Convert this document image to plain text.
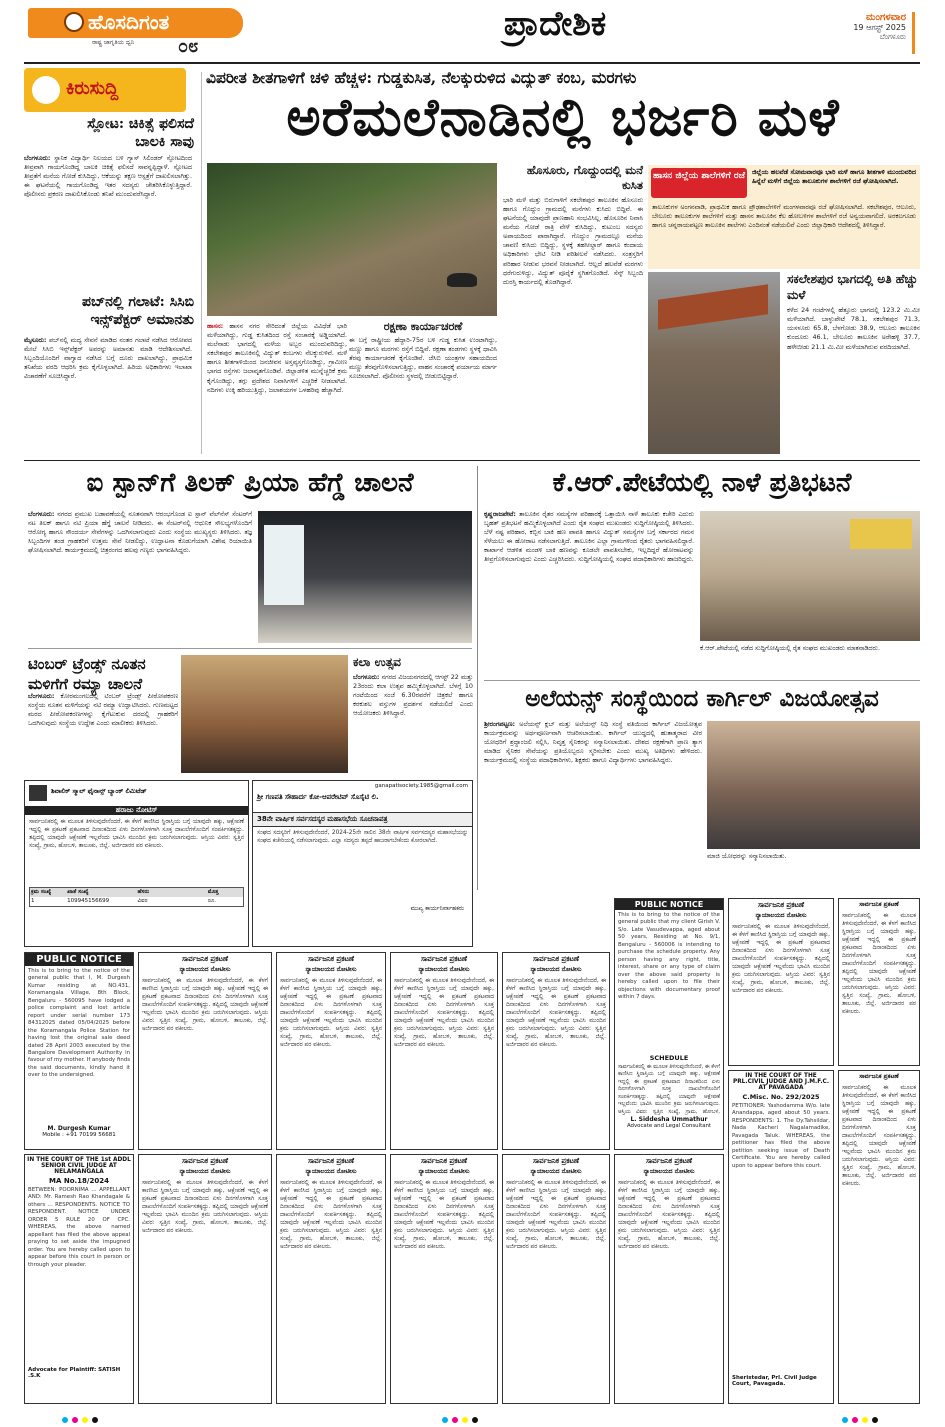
ಹೊಸದಿಗಂತ
ರಾಷ್ಟ್ರ ಜಾಗೃತಿಯ ದ್ವನಿ ೦೮
ಪ್ರಾದೇಶಿಕ	ಮಂಗಳವಾರ
19 ಆಗಸ್ಟ್ 2025
ಬೆಂಗಳೂರು
ಕಿರುಸುದ್ದಿ
ಸ್ಲೋಟ: ಚಿಕಿತ್ಸೆ ಫಲಿಸದೆ ಬಾಲಕಿ ಸಾವು
ಬೆಂಗಳೂರು: ಸ್ಥಾನಿಕ ವಿದ್ಯಾರ್ಥಿ ನಿಲಯದ ಬಳಿ ಗ್ಯಾಸ್ ಸಿಲಿಂಡರ್ ಸ್ಫೋಟದಿಂದ ತೀವ್ರವಾಗಿ ಗಾಯಗೊಂಡಿದ್ದ ಬಾಲಕಿ ಚಿಕಿತ್ಸೆ ಫಲಿಸದೆ ಸಾವನ್ನಪ್ಪಿದ್ದಾಳೆ. ಸ್ಪೋಟದ ತೀವ್ರತೆಗೆ ಮನೆಯ ಗೋಡೆ ಕುಸಿದಿದ್ದು, ಆಕೆಯನ್ನು ತಕ್ಷಣ ಆಸ್ಪತ್ರೆಗೆ ದಾಖಲಿಸಲಾಗಿತ್ತು. ಈ ಘಟನೆಯಲ್ಲಿ ಗಾಯಗೊಂಡಿದ್ದ ಇತರ ಸದಸ್ಯರು ಚೇತರಿಸಿಕೊಳ್ಳುತ್ತಿದ್ದಾರೆ. ಪೊಲೀಸರು ಪ್ರಕರಣ ದಾಖಲಿಸಿಕೊಂಡು ತನಿಖೆ ಮುಂದುವರೆಸಿದ್ದಾರೆ.
ಪಬ್‌ನಲ್ಲಿ ಗಲಾಟೆ: ಸಿಸಿಬಿ ಇನ್ಸ್‌ಪೆಕ್ಟರ್ ಅಮಾನತು
ಮೈಸೂರು: ಪಬ್‌ನಲ್ಲಿ ಮದ್ಯ ಸೇವನೆ ಮಾಡಿದ ನಂತರ ಗಲಾಟೆ ನಡೆಸಿದ ಆರೋಪದ ಮೇಲೆ ಸಿಸಿಬಿ ಇನ್ಸ್‌ಪೆಕ್ಟರ್ ಅವರನ್ನು ಅಮಾನತು ಮಾಡಿ ಆದೇಶಿಸಲಾಗಿದೆ. ಸಿಬ್ಬಂದಿಯೊಂದಿಗೆ ವಾಗ್ವಾದ ನಡೆಸಿದ ಬಗ್ಗೆ ದೂರು ದಾಖಲಾಗಿದ್ದು, ಪ್ರಾಥಮಿಕ ತನಿಖೆಯ ವರದಿ ಆಧರಿಸಿ ಕ್ರಮ ಕೈಗೊಳ್ಳಲಾಗಿದೆ. ಹಿರಿಯ ಅಧಿಕಾರಿಗಳು ಇಲಾಖಾ ವಿಚಾರಣೆಗೆ ಸೂಚಿಸಿದ್ದಾರೆ.
ವಿಪರೀತ ಶೀತಗಾಳಿಗೆ ಚಳಿ ಹೆಚ್ಚಳ: ಗುಡ್ಡಕುಸಿತ, ನೆಲಕ್ಕುರುಳಿದ ವಿದ್ಯುತ್ ಕಂಬ, ಮರಗಳು
ಅರೆಮಲೆನಾಡಿನಲ್ಲಿ ಭರ್ಜರಿ ಮಳೆ
ಹಾಸನ: ಹಾಸನ ನಗರ ಸೇರಿದಂತೆ ಜಿಲ್ಲೆಯ ವಿವಿಧೆಡೆ ಭಾರಿ ಮಳೆಯಾಗಿದ್ದು, ಗುಡ್ಡ ಕುಸಿತದಿಂದ ರಸ್ತೆ ಸಂಚಾರಕ್ಕೆ ಅಡ್ಡಿಯಾಗಿದೆ. ಮಲೆನಾಡು ಭಾಗದಲ್ಲಿ ಮಳೆಯ ಅಬ್ಬರ ಮುಂದುವರಿದಿದ್ದು, ಸಕಲೇಶಪುರ ತಾಲೂಕಿನಲ್ಲಿ ವಿದ್ಯುತ್ ಕಂಬಗಳು ನೆಲಕ್ಕುರುಳಿವೆ. ಮಳೆ ಹಾಗೂ ಶೀತಗಾಳಿಯಿಂದ ಜನಜೀವನ ಅಸ್ತವ್ಯಸ್ತಗೊಂಡಿದ್ದು, ಗ್ರಾಮೀಣ ಭಾಗದ ರಸ್ತೆಗಳು ಜಲಾವೃತಗೊಂಡಿವೆ. ಜಿಲ್ಲಾಡಳಿತ ಮುನ್ನೆಚ್ಚರಿಕೆ ಕ್ರಮ ಕೈಗೊಂಡಿದ್ದು, ತಗ್ಗು ಪ್ರದೇಶದ ನಿವಾಸಿಗಳಿಗೆ ಎಚ್ಚರಿಕೆ ನೀಡಲಾಗಿದೆ. ನದಿಗಳು ಉಕ್ಕಿ ಹರಿಯುತ್ತಿದ್ದು, ಜಲಾಶಯಗಳ ಒಳಹರಿವು ಹೆಚ್ಚಾಗಿದೆ.
ರಕ್ಷಣಾ ಕಾರ್ಯಾಚರಣೆ
ಈ ಬಗ್ಗೆ ರಾಷ್ಟ್ರೀಯ ಹೆದ್ದಾರಿ-75ರ ಬಳಿ ಗುಡ್ಡ ಕುಸಿತ ಉಂಟಾಗಿದ್ದು, ಮಣ್ಣು ಹಾಗೂ ಮರಗಳು ರಸ್ತೆಗೆ ಬಿದ್ದಿವೆ. ರಕ್ಷಣಾ ತಂಡಗಳು ಸ್ಥಳಕ್ಕೆ ಧಾವಿಸಿ ತೆರವು ಕಾರ್ಯಾಚರಣೆ ಕೈಗೊಂಡಿವೆ. ಜೆಸಿಬಿ ಯಂತ್ರಗಳ ಸಹಾಯದಿಂದ ಮಣ್ಣು ತೆರವುಗೊಳಿಸಲಾಗುತ್ತಿದ್ದು, ವಾಹನ ಸಂಚಾರಕ್ಕೆ ಪರ್ಯಾಯ ಮಾರ್ಗ ಸೂಚಿಸಲಾಗಿದೆ. ಪೊಲೀಸರು ಸ್ಥಳದಲ್ಲಿ ಬೀಡುಬಿಟ್ಟಿದ್ದಾರೆ.
ಹೊಸೂರು, ಗೊದ್ದುಂದಲ್ಲಿ ಮನೆ ಕುಸಿತ
ಭಾರಿ ಮಳೆ ಮತ್ತು ಬಿರುಗಾಳಿಗೆ ಸಕಲೇಶಪುರ ತಾಲೂಕಿನ ಹೊಸೂರು ಹಾಗೂ ಗೊದ್ದುಂ ಗ್ರಾಮದಲ್ಲಿ ಮನೆಗಳು ಕುಸಿದು ಬಿದ್ದಿವೆ. ಈ ಘಟನೆಯಲ್ಲಿ ಯಾವುದೇ ಪ್ರಾಣಹಾನಿ ಸಂಭವಿಸಿಲ್ಲ. ಹೊಸೂರಿನ ನಿವಾಸಿ ಮನೆಯ ಗೋಡೆ ರಾತ್ರಿ ವೇಳೆ ಕುಸಿದಿದ್ದು, ಕುಟುಂಬ ಸದಸ್ಯರು ಅಪಾಯದಿಂದ ಪಾರಾಗಿದ್ದಾರೆ. ಗೊದ್ದುಂ ಗ್ರಾಮದಲ್ಲೂ ಮನೆಯ ಚಾವಣಿ ಕುಸಿದು ಬಿದ್ದಿದ್ದು, ಸ್ಥಳಕ್ಕೆ ತಹಸೀಲ್ದಾರ್ ಹಾಗೂ ಕಂದಾಯ ಅಧಿಕಾರಿಗಳು ಭೇಟಿ ನೀಡಿ ಪರಿಶೀಲನೆ ನಡೆಸಿದರು. ಸಂತ್ರಸ್ತರಿಗೆ ಪರಿಹಾರ ನೀಡುವ ಭರವಸೆ ನೀಡಲಾಗಿದೆ. ಆಲ್ಲದೆ ಹಲವೆಡೆ ಮರಗಳು ಧರೆಗುರುಳಿದ್ದು, ವಿದ್ಯುತ್ ಪೂರೈಕೆ ಸ್ಥಗಿತಗೊಂಡಿದೆ. ಸೆಸ್ಕ್ ಸಿಬ್ಬಂದಿ ದುರಸ್ತಿ ಕಾರ್ಯದಲ್ಲಿ ತೊಡಗಿದ್ದಾರೆ.
ಹಾಸನ ಜಿಲ್ಲೆಯ ಶಾಲೆಗಳಿಗೆ ರಜೆ	ಜಿಲ್ಲೆಯ ಹಲವೆಡೆ ಸೋಮವಾರವೂ ಭಾರಿ ಮಳೆ ಹಾಗೂ ಶೀತಗಾಳಿ ಮುಂದುವರಿದ ಹಿನ್ನೆಲೆ ಮಳೆಗೆ ಜಿಲ್ಲೆಯ ತಾಲೂಕುಗಳ ಶಾಲೆಗಳಿಗೆ ರಜೆ ಘೋಷಿಸಲಾಗಿದೆ.
ತಾಲೂಕುಗಳ ಅಂಗನವಾಡಿ, ಪ್ರಾಥಮಿಕ ಹಾಗೂ ಪ್ರೌಢಶಾಲೆಗಳಿಗೆ ಮಂಗಳವಾರವೂ ರಜೆ ಘೋಷಿಸಲಾಗಿದೆ. ಸಕಲೇಶಪುರ, ಆಲೂರು, ಬೇಲೂರು ತಾಲೂಕುಗಳ ಶಾಲೆಗಳಿಗೆ ಮತ್ತು ಹಾಸನ ತಾಲೂಕಿನ ಕೆಲ ಹೋಬಳಿಗಳ ಶಾಲೆಗಳಿಗೆ ರಜೆ ಅನ್ವಯವಾಗಲಿದೆ. ಅರಕಲಗೂಡು ಹಾಗೂ ಚನ್ನರಾಯಪಟ್ಟಣ ತಾಲೂಕಿನ ಶಾಲೆಗಳು ಎಂದಿನಂತೆ ನಡೆಯಲಿವೆ ಎಂದು ಜಿಲ್ಲಾಧಿಕಾರಿ ಆದೇಶದಲ್ಲಿ ತಿಳಿಸಿದ್ದಾರೆ.
ಸಕಲೇಶಪುರ ಭಾಗದಲ್ಲಿ ಅತಿ ಹೆಚ್ಚು ಮಳೆ
ಕಳೆದ 24 ಗಂಟೆಗಳಲ್ಲಿ ಹೆತ್ತೂರು ಭಾಗದಲ್ಲಿ 123.2 ಮಿ.ಮೀ ಮಳೆಯಾಗಿದೆ. ಬಾಳ್ಳುಪೇಟೆ 78.1, ಸಕಲೇಶಪುರ 71.3, ಯಸಳೂರು 65.8, ಬೆಳಗೋಡು 38.9, ಆಲೂರು ತಾಲೂಕಿನ ಕುಂದೂರು 46.1, ಬೇಲೂರು ತಾಲೂಕಿನ ಅರೇಹಳ್ಳಿ 37.7, ಹಳೇಬೀಡು 21.1 ಮಿ.ಮೀ ಮಳೆಯಾಗಿರುವ ವರದಿಯಾಗಿದೆ.
ಐ ಸ್ಪಾನ್‌ಗೆ ತಿಲಕ್ ಪ್ರಿಯಾ ಹೆಗ್ಡೆ ಚಾಲನೆ
ಬೆಂಗಳೂರು: ನಗರದ ಪ್ರಮುಖ ಬಡಾವಣೆಯಲ್ಲಿ ನೂತನವಾಗಿ ಆರಂಭಗೊಂಡ ಐ ಸ್ಪಾನ್ ವೆಲ್‌ನೆಸ್ ಸೆಂಟರ್‌ಗೆ ನಟ ತಿಲಕ್ ಹಾಗೂ ನಟಿ ಪ್ರಿಯಾ ಹೆಗ್ಡೆ ಚಾಲನೆ ನೀಡಿದರು. ಈ ಸೆಂಟರ್‌ನಲ್ಲಿ ಆಧುನಿಕ ಸೌಲಭ್ಯಗಳೊಂದಿಗೆ ಆರೋಗ್ಯ ಹಾಗೂ ಸೌಂದರ್ಯ ಸೇವೆಗಳನ್ನು ಒದಗಿಸಲಾಗುವುದು ಎಂದು ಸಂಸ್ಥೆಯ ಮುಖ್ಯಸ್ಥರು ತಿಳಿಸಿದರು. ತಜ್ಞ ಸಿಬ್ಬಂದಿಗಳ ತಂಡ ಗ್ರಾಹಕರಿಗೆ ಉತ್ತಮ ಸೇವೆ ನೀಡಲಿದ್ದು, ಉದ್ಘಾಟನಾ ಕೊಡುಗೆಯಾಗಿ ವಿಶೇಷ ರಿಯಾಯಿತಿ ಘೋಷಿಸಲಾಗಿದೆ. ಕಾರ್ಯಕ್ರಮದಲ್ಲಿ ಚಿತ್ರರಂಗದ ಹಲವು ಗಣ್ಯರು ಭಾಗವಹಿಸಿದ್ದರು.
ಟಿಂಬರ್ ಟ್ರೆಂಡ್ಸ್ ನೂತನ ಮಳಿಗೆಗೆ ರಮ್ಯಾ ಚಾಲನೆ
ಬೆಂಗಳೂರು: ಕೋರಮಂಗಲದಲ್ಲಿ ಟಿಂಬರ್ ಟ್ರೆಂಡ್ಸ್ ಪೀಠೋಪಕರಣ ಸಂಸ್ಥೆಯ ನೂತನ ಮಳಿಗೆಯನ್ನು ನಟಿ ರಮ್ಯಾ ಉದ್ಘಾಟಿಸಿದರು. ಗುಣಮಟ್ಟದ ಮರದ ಪೀಠೋಪಕರಣಗಳನ್ನು ಕೈಗೆಟುಕುವ ದರದಲ್ಲಿ ಗ್ರಾಹಕರಿಗೆ ಒದಗಿಸುವುದು ಸಂಸ್ಥೆಯ ಉದ್ದೇಶ ಎಂದು ಮಾಲೀಕರು ತಿಳಿಸಿದರು.
ಕಲಾ ಉತ್ಸವ
ಬೆಂಗಳೂರು: ನಗರದ ವಿಜಯನಗರದಲ್ಲಿ ಆಗಸ್ಟ್ 22 ಮತ್ತು 23ರಂದು ಕಲಾ ಉತ್ಸವ ಹಮ್ಮಿಕೊಳ್ಳಲಾಗಿದೆ. ಬೆಳಗ್ಗೆ 10 ಗಂಟೆಯಿಂದ ಸಂಜೆ 6.30ರವರೆಗೆ ಚಿತ್ರಕಲೆ ಹಾಗೂ ಕರಕುಶಲ ವಸ್ತುಗಳ ಪ್ರದರ್ಶನ ನಡೆಯಲಿದೆ ಎಂದು ಆಯೋಜಕರು ತಿಳಿಸಿದ್ದಾರೆ.
ಕೆ.ಆರ್.ಪೇಟೆಯಲ್ಲಿ ನಾಳೆ ಪ್ರತಿಭಟನೆ
ಕೃಷ್ಣರಾಜಪೇಟೆ: ತಾಲೂಕಿನ ರೈತರ ಸಮಸ್ಯೆಗಳ ಪರಿಹಾರಕ್ಕೆ ಒತ್ತಾಯಿಸಿ ನಾಳೆ ತಾಲೂಕು ಕಚೇರಿ ಎದುರು ಬೃಹತ್ ಪ್ರತಿಭಟನೆ ಹಮ್ಮಿಕೊಳ್ಳಲಾಗಿದೆ ಎಂದು ರೈತ ಸಂಘದ ಮುಖಂಡರು ಸುದ್ದಿಗೋಷ್ಠಿಯಲ್ಲಿ ತಿಳಿಸಿದರು. ಬೆಳೆ ನಷ್ಟ ಪರಿಹಾರ, ಕಬ್ಬಿನ ಬಾಕಿ ಹಣ ಪಾವತಿ ಹಾಗೂ ವಿದ್ಯುತ್ ಸಮಸ್ಯೆಗಳ ಬಗ್ಗೆ ಸರ್ಕಾರದ ಗಮನ ಸೆಳೆಯಲು ಈ ಹೋರಾಟ ನಡೆಸಲಾಗುತ್ತಿದೆ. ತಾಲೂಕಿನ ಎಲ್ಲಾ ಗ್ರಾಮಗಳಿಂದ ರೈತರು ಭಾಗವಹಿಸಲಿದ್ದಾರೆ. ಕಾರ್ಖಾನೆ ಆಡಳಿತ ಮಂಡಳಿ ಬಾಕಿ ಹಣವನ್ನು ಕೂಡಲೇ ಪಾವತಿಸಬೇಕು, ಇಲ್ಲದಿದ್ದರೆ ಹೋರಾಟವನ್ನು ತೀವ್ರಗೊಳಿಸಲಾಗುವುದು ಎಂದು ಎಚ್ಚರಿಸಿದರು. ಸುದ್ದಿಗೋಷ್ಠಿಯಲ್ಲಿ ಸಂಘದ ಪದಾಧಿಕಾರಿಗಳು ಹಾಜರಿದ್ದರು.
ಕೆ.ಆರ್.ಪೇಟೆಯಲ್ಲಿ ನಡೆದ ಸುದ್ದಿಗೋಷ್ಠಿಯಲ್ಲಿ ರೈತ ಸಂಘದ ಮುಖಂಡರು ಮಾತನಾಡಿದರು.
ಅಲೆಯನ್ಸ್ ಸಂಸ್ಥೆಯಿಂದ ಕಾರ್ಗಿಲ್ ವಿಜಯೋತ್ಸವ
ಶ್ರೀರಂಗಪಟ್ಟಣ: ಅಲೆಯನ್ಸ್ ಕ್ಲಬ್ ಮತ್ತು ಅಲೆಯನ್ಸ್ ನಿಧಿ ಸಂಸ್ಥೆ ವತಿಯಿಂದ ಕಾರ್ಗಿಲ್ ವಿಜಯೋತ್ಸವ ಕಾರ್ಯಕ್ರಮವನ್ನು ಅರ್ಥಪೂರ್ಣವಾಗಿ ಆಚರಿಸಲಾಯಿತು. ಕಾರ್ಗಿಲ್ ಯುದ್ಧದಲ್ಲಿ ಹುತಾತ್ಮರಾದ ವೀರ ಯೋಧರಿಗೆ ಶ್ರದ್ಧಾಂಜಲಿ ಸಲ್ಲಿಸಿ, ನಿವೃತ್ತ ಸೈನಿಕರನ್ನು ಸನ್ಮಾನಿಸಲಾಯಿತು. ದೇಶದ ರಕ್ಷಣೆಗಾಗಿ ಪ್ರಾಣ ತ್ಯಾಗ ಮಾಡಿದ ಸೈನಿಕರ ಸೇವೆಯನ್ನು ಪ್ರತಿಯೊಬ್ಬರೂ ಸ್ಮರಿಸಬೇಕು ಎಂದು ಮುಖ್ಯ ಅತಿಥಿಗಳು ಹೇಳಿದರು. ಕಾರ್ಯಕ್ರಮದಲ್ಲಿ ಸಂಸ್ಥೆಯ ಪದಾಧಿಕಾರಿಗಳು, ಶಿಕ್ಷಕರು ಹಾಗೂ ವಿದ್ಯಾರ್ಥಿಗಳು ಭಾಗವಹಿಸಿದ್ದರು.
ಮಾಜಿ ಯೋಧರನ್ನು ಸನ್ಮಾನಿಸಲಾಯಿತು.
ಶಿವಾಲಿಕ್ ಸ್ಮಾಲ್ ಫೈನಾನ್ಸ್ ಬ್ಯಾಂಕ್ ಲಿಮಿಟೆಡ್
ಹರಾಜು ನೋಟಿಸ್
ಸಾರ್ವಜನಿಕರಲ್ಲಿ ಈ ಮೂಲಕ ತಿಳಿಸುವುದೇನೆಂದರೆ, ಈ ಕೆಳಗೆ ಕಾಣಿಸಿದ ಸ್ಥಿರಾಸ್ತಿಯ ಬಗ್ಗೆ ಯಾವುದೇ ಹಕ್ಕು, ಆಕ್ಷೇಪಣೆ ಇದ್ದಲ್ಲಿ ಈ ಪ್ರಕಟಣೆ ಪ್ರಕಟವಾದ ದಿನಾಂಕದಿಂದ ಏಳು ದಿನಗಳೊಳಗಾಗಿ ಸೂಕ್ತ ದಾಖಲೆಗಳೊಂದಿಗೆ ಸಂಪರ್ಕಿಸತಕ್ಕದ್ದು. ತಪ್ಪಿದಲ್ಲಿ ಯಾವುದೇ ಆಕ್ಷೇಪಣೆ ಇಲ್ಲವೆಂದು ಭಾವಿಸಿ ಮುಂದಿನ ಕ್ರಮ ಜರುಗಿಸಲಾಗುವುದು. ಆಸ್ತಿಯ ವಿವರ: ಸ್ವತ್ತಿನ ಸಂಖ್ಯೆ, ಗ್ರಾಮ, ಹೋಬಳಿ, ತಾಲೂಕು, ಜಿಲ್ಲೆ. ಅರ್ಜಿದಾರರ ಪರ ವಕೀಲರು.
ಕ್ರಮ ಸಂಖ್ಯೆ	ಖಾತೆ ಸಂಖ್ಯೆ	ಹೆಸರು	ಮೊತ್ತ
1	109945156699	ವಿವರ	ರೂ.
ganapatisociety.1985@gmail.com
ಶ್ರೀ ಗಣಪತಿ ಸೌಹಾರ್ದ ಕೋ-ಆಪರೇಟಿವ್ ಸೊಸೈಟಿ ಲಿ.
38ನೇ ವಾರ್ಷಿಕ ಸರ್ವಸದಸ್ಯರ ಮಹಾಸಭೆಯ ಸೂಚನಾಪತ್ರ
ಸಂಘದ ಸದಸ್ಯರಿಗೆ ತಿಳಿಸುವುದೇನೆಂದರೆ, 2024-25ನೇ ಸಾಲಿನ 38ನೇ ವಾರ್ಷಿಕ ಸರ್ವಸದಸ್ಯರ ಮಹಾಸಭೆಯನ್ನು ಸಂಘದ ಕಚೇರಿಯಲ್ಲಿ ನಡೆಸಲಾಗುವುದು. ಎಲ್ಲಾ ಸದಸ್ಯರು ತಪ್ಪದೆ ಹಾಜರಾಗಬೇಕೆಂದು ಕೋರಲಾಗಿದೆ.
ಮುಖ್ಯ ಕಾರ್ಯನಿರ್ವಾಹಕರು
PUBLIC NOTICE
This is to bring to the notice of the general public that I, M. Durgesh Kumar residing at NO.431, Koramangala Village, 8th Block, Bengaluru - 560095 have lodged a police complaint and lost article report under serial number 173 84312025 dated 05/04/2025 before the Koramangala Police Station for having lost the original sale deed dated 28 April 2003 executed by the Bangalore Development Authority in favour of my mother. If anybody finds the said documents, kindly hand it over to the undersigned.
M. Durgesh Kumar
Mobile : +91 70199 56681
IN THE COURT OF THE 1st ADDL SENIOR CIVIL JUDGE AT NELAMANGALA
MA No.18/2024
BETWEEN: POORNIMA ... APPELLANT AND: Mr. Ramesh Rao Khandagale & others ... RESPONDENTS. NOTICE TO RESPONDENT. NOTICE UNDER ORDER 5 RULE 20 OF CPC. WHEREAS, the above named appellant has filed the above appeal praying to set aside the impugned order. You are hereby called upon to appear before this court in person or through your pleader.
Advocate for Plaintiff: SATISH .S.K
ಸಾರ್ವಜನಿಕ ಪ್ರಕಟಣೆ
ನ್ಯಾಯಾಲಯದ ನೋಟೀಸು
ಸಾರ್ವಜನಿಕರಲ್ಲಿ ಈ ಮೂಲಕ ತಿಳಿಸುವುದೇನೆಂದರೆ, ಈ ಕೆಳಗೆ ಕಾಣಿಸಿದ ಸ್ಥಿರಾಸ್ತಿಯ ಬಗ್ಗೆ ಯಾವುದೇ ಹಕ್ಕು, ಆಕ್ಷೇಪಣೆ ಇದ್ದಲ್ಲಿ ಈ ಪ್ರಕಟಣೆ ಪ್ರಕಟವಾದ ದಿನಾಂಕದಿಂದ ಏಳು ದಿನಗಳೊಳಗಾಗಿ ಸೂಕ್ತ ದಾಖಲೆಗಳೊಂದಿಗೆ ಸಂಪರ್ಕಿಸತಕ್ಕದ್ದು. ತಪ್ಪಿದಲ್ಲಿ ಯಾವುದೇ ಆಕ್ಷೇಪಣೆ ಇಲ್ಲವೆಂದು ಭಾವಿಸಿ ಮುಂದಿನ ಕ್ರಮ ಜರುಗಿಸಲಾಗುವುದು. ಆಸ್ತಿಯ ವಿವರ: ಸ್ವತ್ತಿನ ಸಂಖ್ಯೆ, ಗ್ರಾಮ, ಹೋಬಳಿ, ತಾಲೂಕು, ಜಿಲ್ಲೆ. ಅರ್ಜಿದಾರರ ಪರ ವಕೀಲರು.
ಸಾರ್ವಜನಿಕ ಪ್ರಕಟಣೆ
ನ್ಯಾಯಾಲಯದ ನೋಟೀಸು
ಸಾರ್ವಜನಿಕರಲ್ಲಿ ಈ ಮೂಲಕ ತಿಳಿಸುವುದೇನೆಂದರೆ, ಈ ಕೆಳಗೆ ಕಾಣಿಸಿದ ಸ್ಥಿರಾಸ್ತಿಯ ಬಗ್ಗೆ ಯಾವುದೇ ಹಕ್ಕು, ಆಕ್ಷೇಪಣೆ ಇದ್ದಲ್ಲಿ ಈ ಪ್ರಕಟಣೆ ಪ್ರಕಟವಾದ ದಿನಾಂಕದಿಂದ ಏಳು ದಿನಗಳೊಳಗಾಗಿ ಸೂಕ್ತ ದಾಖಲೆಗಳೊಂದಿಗೆ ಸಂಪರ್ಕಿಸತಕ್ಕದ್ದು. ತಪ್ಪಿದಲ್ಲಿ ಯಾವುದೇ ಆಕ್ಷೇಪಣೆ ಇಲ್ಲವೆಂದು ಭಾವಿಸಿ ಮುಂದಿನ ಕ್ರಮ ಜರುಗಿಸಲಾಗುವುದು. ಆಸ್ತಿಯ ವಿವರ: ಸ್ವತ್ತಿನ ಸಂಖ್ಯೆ, ಗ್ರಾಮ, ಹೋಬಳಿ, ತಾಲೂಕು, ಜಿಲ್ಲೆ. ಅರ್ಜಿದಾರರ ಪರ ವಕೀಲರು.
ಸಾರ್ವಜನಿಕ ಪ್ರಕಟಣೆ
ನ್ಯಾಯಾಲಯದ ನೋಟೀಸು
ಸಾರ್ವಜನಿಕರಲ್ಲಿ ಈ ಮೂಲಕ ತಿಳಿಸುವುದೇನೆಂದರೆ, ಈ ಕೆಳಗೆ ಕಾಣಿಸಿದ ಸ್ಥಿರಾಸ್ತಿಯ ಬಗ್ಗೆ ಯಾವುದೇ ಹಕ್ಕು, ಆಕ್ಷೇಪಣೆ ಇದ್ದಲ್ಲಿ ಈ ಪ್ರಕಟಣೆ ಪ್ರಕಟವಾದ ದಿನಾಂಕದಿಂದ ಏಳು ದಿನಗಳೊಳಗಾಗಿ ಸೂಕ್ತ ದಾಖಲೆಗಳೊಂದಿಗೆ ಸಂಪರ್ಕಿಸತಕ್ಕದ್ದು. ತಪ್ಪಿದಲ್ಲಿ ಯಾವುದೇ ಆಕ್ಷೇಪಣೆ ಇಲ್ಲವೆಂದು ಭಾವಿಸಿ ಮುಂದಿನ ಕ್ರಮ ಜರುಗಿಸಲಾಗುವುದು. ಆಸ್ತಿಯ ವಿವರ: ಸ್ವತ್ತಿನ ಸಂಖ್ಯೆ, ಗ್ರಾಮ, ಹೋಬಳಿ, ತಾಲೂಕು, ಜಿಲ್ಲೆ. ಅರ್ಜಿದಾರರ ಪರ ವಕೀಲರು.
ಸಾರ್ವಜನಿಕ ಪ್ರಕಟಣೆ
ನ್ಯಾಯಾಲಯದ ನೋಟೀಸು
ಸಾರ್ವಜನಿಕರಲ್ಲಿ ಈ ಮೂಲಕ ತಿಳಿಸುವುದೇನೆಂದರೆ, ಈ ಕೆಳಗೆ ಕಾಣಿಸಿದ ಸ್ಥಿರಾಸ್ತಿಯ ಬಗ್ಗೆ ಯಾವುದೇ ಹಕ್ಕು, ಆಕ್ಷೇಪಣೆ ಇದ್ದಲ್ಲಿ ಈ ಪ್ರಕಟಣೆ ಪ್ರಕಟವಾದ ದಿನಾಂಕದಿಂದ ಏಳು ದಿನಗಳೊಳಗಾಗಿ ಸೂಕ್ತ ದಾಖಲೆಗಳೊಂದಿಗೆ ಸಂಪರ್ಕಿಸತಕ್ಕದ್ದು. ತಪ್ಪಿದಲ್ಲಿ ಯಾವುದೇ ಆಕ್ಷೇಪಣೆ ಇಲ್ಲವೆಂದು ಭಾವಿಸಿ ಮುಂದಿನ ಕ್ರಮ ಜರುಗಿಸಲಾಗುವುದು. ಆಸ್ತಿಯ ವಿವರ: ಸ್ವತ್ತಿನ ಸಂಖ್ಯೆ, ಗ್ರಾಮ, ಹೋಬಳಿ, ತಾಲೂಕು, ಜಿಲ್ಲೆ. ಅರ್ಜಿದಾರರ ಪರ ವಕೀಲರು.
PUBLIC NOTICE
This is to bring to the notice of the general public that my client Girish V. S/o. Late Vasudevappa, aged about 50 years, Residing at No. 9/1, Bengaluru - 560006 is intending to purchase the schedule property. Any person having any right, title, interest, share or any type of claim over the above said property is hereby called upon to file their objections with documentary proof within 7 days.
SCHEDULE
ಸಾರ್ವಜನಿಕರಲ್ಲಿ ಈ ಮೂಲಕ ತಿಳಿಸುವುದೇನೆಂದರೆ, ಈ ಕೆಳಗೆ ಕಾಣಿಸಿದ ಸ್ಥಿರಾಸ್ತಿಯ ಬಗ್ಗೆ ಯಾವುದೇ ಹಕ್ಕು, ಆಕ್ಷೇಪಣೆ ಇದ್ದಲ್ಲಿ ಈ ಪ್ರಕಟಣೆ ಪ್ರಕಟವಾದ ದಿನಾಂಕದಿಂದ ಏಳು ದಿನಗಳೊಳಗಾಗಿ ಸೂಕ್ತ ದಾಖಲೆಗಳೊಂದಿಗೆ ಸಂಪರ್ಕಿಸತಕ್ಕದ್ದು. ತಪ್ಪಿದಲ್ಲಿ ಯಾವುದೇ ಆಕ್ಷೇಪಣೆ ಇಲ್ಲವೆಂದು ಭಾವಿಸಿ ಮುಂದಿನ ಕ್ರಮ ಜರುಗಿಸಲಾಗುವುದು. ಆಸ್ತಿಯ ವಿವರ: ಸ್ವತ್ತಿನ ಸಂಖ್ಯೆ, ಗ್ರಾಮ, ಹೋಬಳಿ,
L. Siddesha Ummathur
Advocate and Legal Consultant
ಸಾರ್ವಜನಿಕ ಪ್ರಕಟಣೆ
ನ್ಯಾಯಾಲಯದ ನೋಟೀಸು
ಸಾರ್ವಜನಿಕರಲ್ಲಿ ಈ ಮೂಲಕ ತಿಳಿಸುವುದೇನೆಂದರೆ, ಈ ಕೆಳಗೆ ಕಾಣಿಸಿದ ಸ್ಥಿರಾಸ್ತಿಯ ಬಗ್ಗೆ ಯಾವುದೇ ಹಕ್ಕು, ಆಕ್ಷೇಪಣೆ ಇದ್ದಲ್ಲಿ ಈ ಪ್ರಕಟಣೆ ಪ್ರಕಟವಾದ ದಿನಾಂಕದಿಂದ ಏಳು ದಿನಗಳೊಳಗಾಗಿ ಸೂಕ್ತ ದಾಖಲೆಗಳೊಂದಿಗೆ ಸಂಪರ್ಕಿಸತಕ್ಕದ್ದು. ತಪ್ಪಿದಲ್ಲಿ ಯಾವುದೇ ಆಕ್ಷೇಪಣೆ ಇಲ್ಲವೆಂದು ಭಾವಿಸಿ ಮುಂದಿನ ಕ್ರಮ ಜರುಗಿಸಲಾಗುವುದು. ಆಸ್ತಿಯ ವಿವರ: ಸ್ವತ್ತಿನ ಸಂಖ್ಯೆ, ಗ್ರಾಮ, ಹೋಬಳಿ, ತಾಲೂಕು, ಜಿಲ್ಲೆ. ಅರ್ಜಿದಾರರ ಪರ ವಕೀಲರು.
ಸಾರ್ವಜನಿಕ ಪ್ರಕಟಣೆ
ಸಾರ್ವಜನಿಕರಲ್ಲಿ ಈ ಮೂಲಕ ತಿಳಿಸುವುದೇನೆಂದರೆ, ಈ ಕೆಳಗೆ ಕಾಣಿಸಿದ ಸ್ಥಿರಾಸ್ತಿಯ ಬಗ್ಗೆ ಯಾವುದೇ ಹಕ್ಕು, ಆಕ್ಷೇಪಣೆ ಇದ್ದಲ್ಲಿ ಈ ಪ್ರಕಟಣೆ ಪ್ರಕಟವಾದ ದಿನಾಂಕದಿಂದ ಏಳು ದಿನಗಳೊಳಗಾಗಿ ಸೂಕ್ತ ದಾಖಲೆಗಳೊಂದಿಗೆ ಸಂಪರ್ಕಿಸತಕ್ಕದ್ದು. ತಪ್ಪಿದಲ್ಲಿ ಯಾವುದೇ ಆಕ್ಷೇಪಣೆ ಇಲ್ಲವೆಂದು ಭಾವಿಸಿ ಮುಂದಿನ ಕ್ರಮ ಜರುಗಿಸಲಾಗುವುದು. ಆಸ್ತಿಯ ವಿವರ: ಸ್ವತ್ತಿನ ಸಂಖ್ಯೆ, ಗ್ರಾಮ, ಹೋಬಳಿ, ತಾಲೂಕು, ಜಿಲ್ಲೆ. ಅರ್ಜಿದಾರರ ಪರ ವಕೀಲರು.
ಸಾರ್ವಜನಿಕ ಪ್ರಕಟಣೆ
ನ್ಯಾಯಾಲಯದ ನೋಟೀಸು
ಸಾರ್ವಜನಿಕರಲ್ಲಿ ಈ ಮೂಲಕ ತಿಳಿಸುವುದೇನೆಂದರೆ, ಈ ಕೆಳಗೆ ಕಾಣಿಸಿದ ಸ್ಥಿರಾಸ್ತಿಯ ಬಗ್ಗೆ ಯಾವುದೇ ಹಕ್ಕು, ಆಕ್ಷೇಪಣೆ ಇದ್ದಲ್ಲಿ ಈ ಪ್ರಕಟಣೆ ಪ್ರಕಟವಾದ ದಿನಾಂಕದಿಂದ ಏಳು ದಿನಗಳೊಳಗಾಗಿ ಸೂಕ್ತ ದಾಖಲೆಗಳೊಂದಿಗೆ ಸಂಪರ್ಕಿಸತಕ್ಕದ್ದು. ತಪ್ಪಿದಲ್ಲಿ ಯಾವುದೇ ಆಕ್ಷೇಪಣೆ ಇಲ್ಲವೆಂದು ಭಾವಿಸಿ ಮುಂದಿನ ಕ್ರಮ ಜರುಗಿಸಲಾಗುವುದು. ಆಸ್ತಿಯ ವಿವರ: ಸ್ವತ್ತಿನ ಸಂಖ್ಯೆ, ಗ್ರಾಮ, ಹೋಬಳಿ, ತಾಲೂಕು, ಜಿಲ್ಲೆ. ಅರ್ಜಿದಾರರ ಪರ ವಕೀಲರು.
ಸಾರ್ವಜನಿಕ ಪ್ರಕಟಣೆ
ನ್ಯಾಯಾಲಯದ ನೋಟೀಸು
ಸಾರ್ವಜನಿಕರಲ್ಲಿ ಈ ಮೂಲಕ ತಿಳಿಸುವುದೇನೆಂದರೆ, ಈ ಕೆಳಗೆ ಕಾಣಿಸಿದ ಸ್ಥಿರಾಸ್ತಿಯ ಬಗ್ಗೆ ಯಾವುದೇ ಹಕ್ಕು, ಆಕ್ಷೇಪಣೆ ಇದ್ದಲ್ಲಿ ಈ ಪ್ರಕಟಣೆ ಪ್ರಕಟವಾದ ದಿನಾಂಕದಿಂದ ಏಳು ದಿನಗಳೊಳಗಾಗಿ ಸೂಕ್ತ ದಾಖಲೆಗಳೊಂದಿಗೆ ಸಂಪರ್ಕಿಸತಕ್ಕದ್ದು. ತಪ್ಪಿದಲ್ಲಿ ಯಾವುದೇ ಆಕ್ಷೇಪಣೆ ಇಲ್ಲವೆಂದು ಭಾವಿಸಿ ಮುಂದಿನ ಕ್ರಮ ಜರುಗಿಸಲಾಗುವುದು. ಆಸ್ತಿಯ ವಿವರ: ಸ್ವತ್ತಿನ ಸಂಖ್ಯೆ, ಗ್ರಾಮ, ಹೋಬಳಿ, ತಾಲೂಕು, ಜಿಲ್ಲೆ. ಅರ್ಜಿದಾರರ ಪರ ವಕೀಲರು.
ಸಾರ್ವಜನಿಕ ಪ್ರಕಟಣೆ
ನ್ಯಾಯಾಲಯದ ನೋಟೀಸು
ಸಾರ್ವಜನಿಕರಲ್ಲಿ ಈ ಮೂಲಕ ತಿಳಿಸುವುದೇನೆಂದರೆ, ಈ ಕೆಳಗೆ ಕಾಣಿಸಿದ ಸ್ಥಿರಾಸ್ತಿಯ ಬಗ್ಗೆ ಯಾವುದೇ ಹಕ್ಕು, ಆಕ್ಷೇಪಣೆ ಇದ್ದಲ್ಲಿ ಈ ಪ್ರಕಟಣೆ ಪ್ರಕಟವಾದ ದಿನಾಂಕದಿಂದ ಏಳು ದಿನಗಳೊಳಗಾಗಿ ಸೂಕ್ತ ದಾಖಲೆಗಳೊಂದಿಗೆ ಸಂಪರ್ಕಿಸತಕ್ಕದ್ದು. ತಪ್ಪಿದಲ್ಲಿ ಯಾವುದೇ ಆಕ್ಷೇಪಣೆ ಇಲ್ಲವೆಂದು ಭಾವಿಸಿ ಮುಂದಿನ ಕ್ರಮ ಜರುಗಿಸಲಾಗುವುದು. ಆಸ್ತಿಯ ವಿವರ: ಸ್ವತ್ತಿನ ಸಂಖ್ಯೆ, ಗ್ರಾಮ, ಹೋಬಳಿ, ತಾಲೂಕು, ಜಿಲ್ಲೆ. ಅರ್ಜಿದಾರರ ಪರ ವಕೀಲರು.
ಸಾರ್ವಜನಿಕ ಪ್ರಕಟಣೆ
ನ್ಯಾಯಾಲಯದ ನೋಟೀಸು
ಸಾರ್ವಜನಿಕರಲ್ಲಿ ಈ ಮೂಲಕ ತಿಳಿಸುವುದೇನೆಂದರೆ, ಈ ಕೆಳಗೆ ಕಾಣಿಸಿದ ಸ್ಥಿರಾಸ್ತಿಯ ಬಗ್ಗೆ ಯಾವುದೇ ಹಕ್ಕು, ಆಕ್ಷೇಪಣೆ ಇದ್ದಲ್ಲಿ ಈ ಪ್ರಕಟಣೆ ಪ್ರಕಟವಾದ ದಿನಾಂಕದಿಂದ ಏಳು ದಿನಗಳೊಳಗಾಗಿ ಸೂಕ್ತ ದಾಖಲೆಗಳೊಂದಿಗೆ ಸಂಪರ್ಕಿಸತಕ್ಕದ್ದು. ತಪ್ಪಿದಲ್ಲಿ ಯಾವುದೇ ಆಕ್ಷೇಪಣೆ ಇಲ್ಲವೆಂದು ಭಾವಿಸಿ ಮುಂದಿನ ಕ್ರಮ ಜರುಗಿಸಲಾಗುವುದು. ಆಸ್ತಿಯ ವಿವರ: ಸ್ವತ್ತಿನ ಸಂಖ್ಯೆ, ಗ್ರಾಮ, ಹೋಬಳಿ, ತಾಲೂಕು, ಜಿಲ್ಲೆ. ಅರ್ಜಿದಾರರ ಪರ ವಕೀಲರು.
ಸಾರ್ವಜನಿಕ ಪ್ರಕಟಣೆ
ನ್ಯಾಯಾಲಯದ ನೋಟೀಸು
ಸಾರ್ವಜನಿಕರಲ್ಲಿ ಈ ಮೂಲಕ ತಿಳಿಸುವುದೇನೆಂದರೆ, ಈ ಕೆಳಗೆ ಕಾಣಿಸಿದ ಸ್ಥಿರಾಸ್ತಿಯ ಬಗ್ಗೆ ಯಾವುದೇ ಹಕ್ಕು, ಆಕ್ಷೇಪಣೆ ಇದ್ದಲ್ಲಿ ಈ ಪ್ರಕಟಣೆ ಪ್ರಕಟವಾದ ದಿನಾಂಕದಿಂದ ಏಳು ದಿನಗಳೊಳಗಾಗಿ ಸೂಕ್ತ ದಾಖಲೆಗಳೊಂದಿಗೆ ಸಂಪರ್ಕಿಸತಕ್ಕದ್ದು. ತಪ್ಪಿದಲ್ಲಿ ಯಾವುದೇ ಆಕ್ಷೇಪಣೆ ಇಲ್ಲವೆಂದು ಭಾವಿಸಿ ಮುಂದಿನ ಕ್ರಮ ಜರುಗಿಸಲಾಗುವುದು. ಆಸ್ತಿಯ ವಿವರ: ಸ್ವತ್ತಿನ ಸಂಖ್ಯೆ, ಗ್ರಾಮ, ಹೋಬಳಿ, ತಾಲೂಕು, ಜಿಲ್ಲೆ. ಅರ್ಜಿದಾರರ ಪರ ವಕೀಲರು.
IN THE COURT OF THE PRL.CIVIL JUDGE AND J.M.F.C. AT PAVAGADA
C.Misc. No. 292/2025
PETITIONER: Yashodamma W/o. late Anandappa, aged about 50 years. RESPONDENTS: 1. The Dy.Tahsildar, Nada Kacheri Nagalamadike, Pavagada Taluk. WHEREAS, the petitioner has filed the above petition seeking issue of Death Certificate. You are hereby called upon to appear before this court.
Sheristedar, Prl. Civil Judge Court, Pavagada.
ಸಾರ್ವಜನಿಕ ಪ್ರಕಟಣೆ
ಸಾರ್ವಜನಿಕರಲ್ಲಿ ಈ ಮೂಲಕ ತಿಳಿಸುವುದೇನೆಂದರೆ, ಈ ಕೆಳಗೆ ಕಾಣಿಸಿದ ಸ್ಥಿರಾಸ್ತಿಯ ಬಗ್ಗೆ ಯಾವುದೇ ಹಕ್ಕು, ಆಕ್ಷೇಪಣೆ ಇದ್ದಲ್ಲಿ ಈ ಪ್ರಕಟಣೆ ಪ್ರಕಟವಾದ ದಿನಾಂಕದಿಂದ ಏಳು ದಿನಗಳೊಳಗಾಗಿ ಸೂಕ್ತ ದಾಖಲೆಗಳೊಂದಿಗೆ ಸಂಪರ್ಕಿಸತಕ್ಕದ್ದು. ತಪ್ಪಿದಲ್ಲಿ ಯಾವುದೇ ಆಕ್ಷೇಪಣೆ ಇಲ್ಲವೆಂದು ಭಾವಿಸಿ ಮುಂದಿನ ಕ್ರಮ ಜರುಗಿಸಲಾಗುವುದು. ಆಸ್ತಿಯ ವಿವರ: ಸ್ವತ್ತಿನ ಸಂಖ್ಯೆ, ಗ್ರಾಮ, ಹೋಬಳಿ, ತಾಲೂಕು, ಜಿಲ್ಲೆ. ಅರ್ಜಿದಾರರ ಪರ ವಕೀಲರು.
